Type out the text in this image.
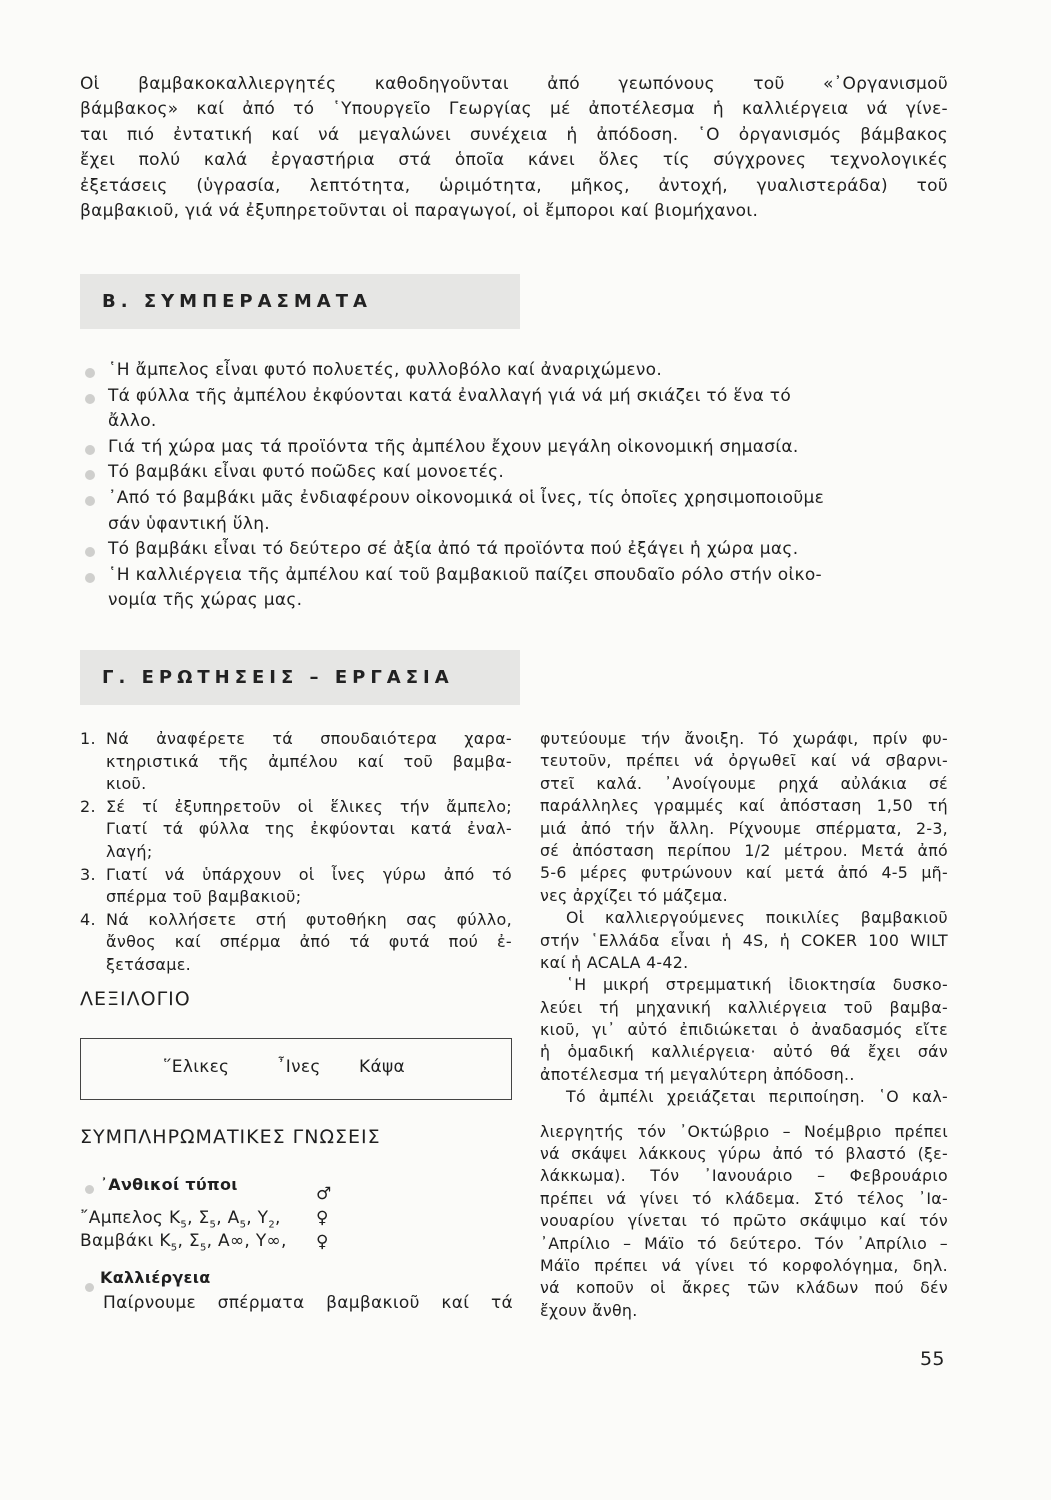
Οἱ βαμβακοκαλλιεργητές καθοδηγοῦνται ἀπό γεωπόνους τοῦ «᾿Οργανισμοῦ
βάμβακος» καί ἀπό τό ῾Υπουργεῖο Γεωργίας μέ ἀποτέλεσμα ἡ καλλιέργεια νά γίνε-
ται πιό ἐντατική καί νά μεγαλώνει συνέχεια ἡ ἀπόδοση. ῾Ο ὀργανισμός βάμβακος
ἔχει πολύ καλά ἐργαστήρια στά ὁποῖα κάνει ὅλες τίς σύγχρονες τεχνολογικές
ἐξετάσεις (ὑγρασία, λεπτότητα, ὡριμότητα, μῆκος, ἀντοχή, γυαλιστεράδα) τοῦ
βαμβακιοῦ, γιά νά ἐξυπηρετοῦνται οἱ παραγωγοί, οἱ ἔμποροι καί βιομήχανοι.
Β. ΣΥΜΠΕΡΑΣΜΑΤΑ
῾Η ἄμπελος εἶναι φυτό πολυετές, φυλλοβόλο καί ἀναριχώμενο.
Τά φύλλα τῆς ἀμπέλου ἐκφύονται κατά ἐναλλαγή γιά νά μή σκιάζει τό ἕνα τό
ἄλλο.
Γιά τή χώρα μας τά προϊόντα τῆς ἀμπέλου ἔχουν μεγάλη οἰκονομική σημασία.
Τό βαμβάκι εἶναι φυτό ποῶδες καί μονοετές.
᾿Από τό βαμβάκι μᾶς ἐνδιαφέρουν οἰκονομικά οἱ ἶνες, τίς ὁποῖες χρησιμοποιοῦμε
σάν ὑφαντική ὕλη.
Τό βαμβάκι εἶναι τό δεύτερο σέ ἀξία ἀπό τά προϊόντα πού ἐξάγει ἡ χώρα μας.
῾Η καλλιέργεια τῆς ἀμπέλου καί τοῦ βαμβακιοῦ παίζει σπουδαῖο ρόλο στήν οἰκο-
νομία τῆς χώρας μας.
Γ. ΕΡΩΤΗΣΕΙΣ – ΕΡΓΑΣΙΑ
1. Νά ἀναφέρετε τά σπουδαιότερα χαρα-
κτηριστικά τῆς ἀμπέλου καί τοῦ βαμβα-
κιοῦ.
2. Σέ τί ἐξυπηρετοῦν οἱ ἕλικες τήν ἄμπελο;
Γιατί τά φύλλα της ἐκφύονται κατά ἐναλ-
λαγή;
3. Γιατί νά ὑπάρχουν οἱ ἶνες γύρω ἀπό τό
σπέρμα τοῦ βαμβακιοῦ;
4. Νά κολλήσετε στή φυτοθήκη σας φύλλο,
ἄνθος καί σπέρμα ἀπό τά φυτά πού ἐ-
ξετάσαμε.
ΛΕΞΙΛΟΓΙΟ
῞Ελικες	῏Ινες Κάψα
ΣΥΜΠΛΗΡΩΜΑΤΙΚΕΣ ΓΝΩΣΕΙΣ
᾿Ανθικοί τύποι
῎Αμπελος $K_5$, $\Sigma_5$, $A_5$, $Y_2$,
Βαμβάκι $K_5$, $\Sigma_5$, A∞, Y∞,
♂
♀
♀
Καλλιέργεια
Παίρνουμε σπέρματα βαμβακιοῦ καί τά
φυτεύουμε τήν ἄνοιξη. Τό χωράφι, πρίν φυ-
τευτοῦν, πρέπει νά ὀργωθεῖ καί νά σβαρνι-
στεῖ καλά. ᾿Ανοίγουμε ρηχά αὐλάκια σέ
παράλληλες γραμμές καί ἀπόσταση 1,50 τή
μιά ἀπό τήν ἄλλη. Ρίχνουμε σπέρματα, 2-3,
σέ ἀπόσταση περίπου 1/2 μέτρου. Μετά ἀπό
5-6 μέρες φυτρώνουν καί μετά ἀπό 4-5 μῆ-
νες ἀρχίζει τό μάζεμα.
Οἱ καλλιεργούμενες ποικιλίες βαμβακιοῦ
στήν ῾Ελλάδα εἶναι ἡ 4S, ἡ COKER 100 WILT
καί ἡ ACALA 4-42.
῾Η μικρή στρεμματική ἰδιοκτησία δυσκο-
λεύει τή μηχανική καλλιέργεια τοῦ βαμβα-
κιοῦ, γι᾿ αὐτό ἐπιδιώκεται ὁ ἀναδασμός εἴτε
ἡ ὁμαδική καλλιέργεια· αὐτό θά ἔχει σάν
ἀποτέλεσμα τή μεγαλύτερη ἀπόδοση..
Τό ἀμπέλι χρειάζεται περιποίηση. ῾Ο καλ-
λιεργητής τόν ᾿Οκτώβριο – Νοέμβριο πρέπει
νά σκάψει λάκκους γύρω ἀπό τό βλαστό (ξε-
λάκκωμα). Τόν ᾿Ιανουάριο – Φεβρουάριο
πρέπει νά γίνει τό κλάδεμα. Στό τέλος ᾿Ια-
νουαρίου γίνεται τό πρῶτο σκάψιμο καί τόν
᾿Απρίλιο – Μάϊο τό δεύτερο. Τόν ᾿Απρίλιο –
Μάϊο πρέπει νά γίνει τό κορφολόγημα, δηλ.
νά κοποῦν οἱ ἄκρες τῶν κλάδων πού δέν
ἔχουν ἄνθη.
55
